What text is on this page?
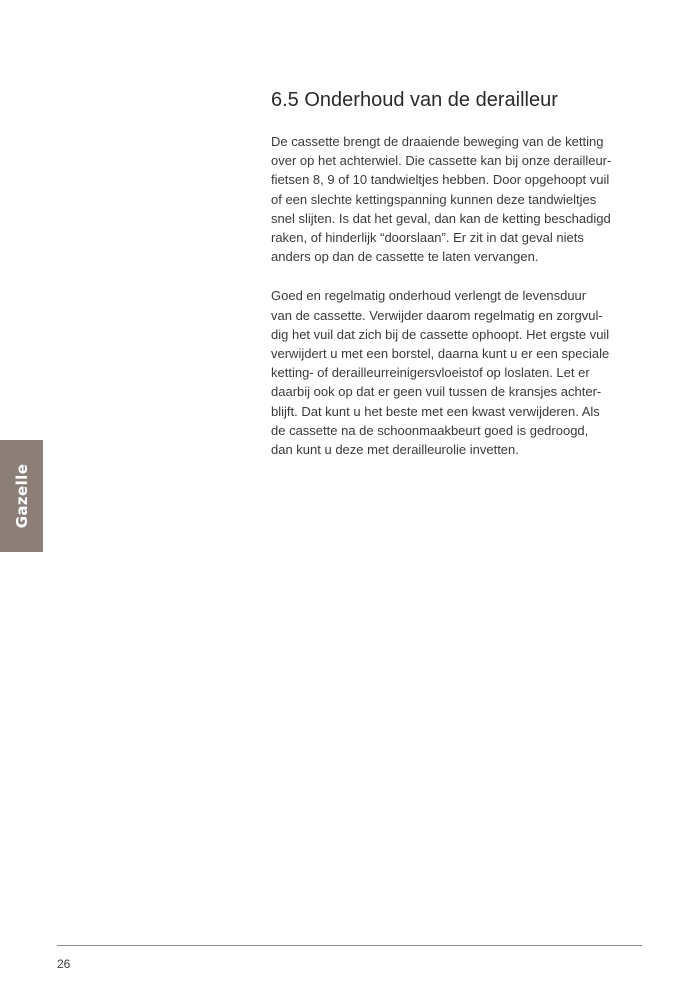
Gazelle
6.5 Onderhoud van de derailleur

De cassette brengt de draaiende beweging van de ketting
over op het achterwiel. Die cassette kan bij onze derailleur-
fietsen 8, 9 of 10 tandwieltjes hebben. Door opgehoopt vuil
of een slechte kettingspanning kunnen deze tandwieltjes
snel slijten. Is dat het geval, dan kan de ketting beschadigd
raken, of hinderlijk “doorslaan”. Er zit in dat geval niets
anders op dan de cassette te laten vervangen.

Goed en regelmatig onderhoud verlengt de levensduur
van de cassette. Verwijder daarom regelmatig en zorgvul-
dig het vuil dat zich bij de cassette ophoopt. Het ergste vuil
verwijdert u met een borstel, daarna kunt u er een speciale
ketting- of derailleurreinigersvloeistof op loslaten. Let er
daarbij ook op dat er geen vuil tussen de kransjes achter-
blijft. Dat kunt u het beste met een kwast verwijderen. Als
de cassette na de schoonmaakbeurt goed is gedroogd,
dan kunt u deze met derailleurolie invetten.

26
